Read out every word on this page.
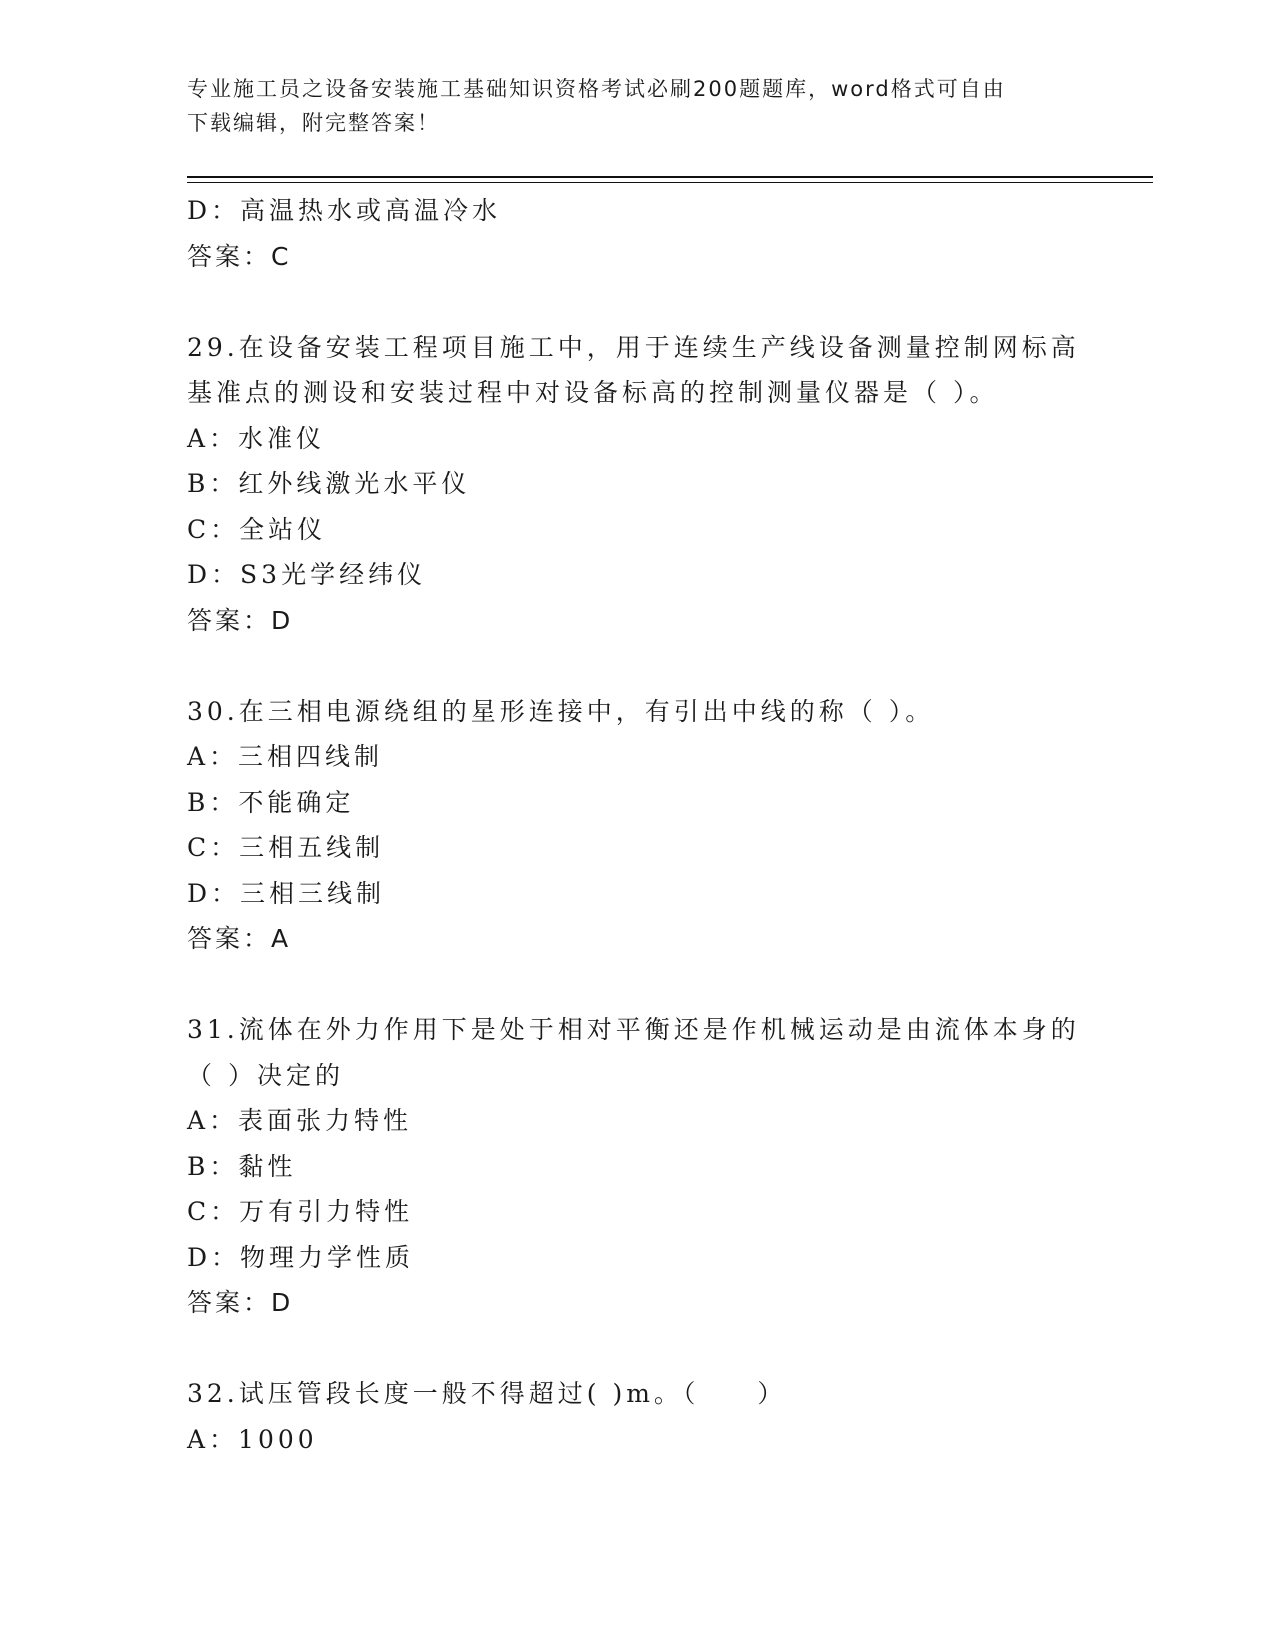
专业施工员之设备安装施工基础知识资格考试必刷200题题库，word格式可自由
下载编辑，附完整答案！
D：高温热水或高温冷水
答案：C
29.在设备安装工程项目施工中，用于连续生产线设备测量控制网标高
基准点的测设和安装过程中对设备标高的控制测量仪器是（ ）。
A：水准仪
B：红外线激光水平仪
C：全站仪
D：S3光学经纬仪
答案：D
30.在三相电源绕组的星形连接中，有引出中线的称（ ）。
A：三相四线制
B：不能确定
C：三相五线制
D：三相三线制
答案：A
31.流体在外力作用下是处于相对平衡还是作机械运动是由流体本身的
（ ）决定的
A：表面张力特性
B：黏性
C：万有引力特性
D：物理力学性质
答案：D
32.试压管段长度一般不得超过( )m。（　　）
A：1000
